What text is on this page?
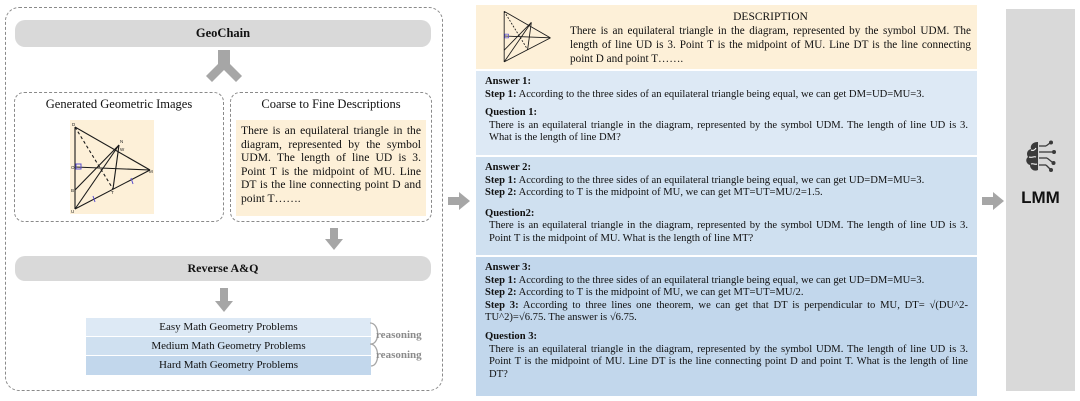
GeoChain
Generated Geometric Images
D
U
M
T
O
B
N
W
Coarse to Fine Descriptions
There is an equilateral triangle in the diagram, represented by the symbol UDM. The length of line UD is 3. Point T is the midpoint of MU. Line DT is the line connecting point D and point T…….
Reverse A&Q
Easy Math Geometry Problems
Medium Math Geometry Problems
Hard Math Geometry Problems
reasoning
reasoning
DESCRIPTION
There is an equilateral triangle in the diagram, represented by the symbol UDM. The length of line UD is 3. Point T is the midpoint of MU. Line DT is the line connecting point D and point T…….
Answer 1:
Step 1: According to the three sides of an equilateral triangle being equal, we can get DM=UD=MU=3.
Question 1:
There is an equilateral triangle in the diagram, represented by the symbol UDM. The length of line UD is 3. What is the length of line DM?
Answer 2:
Step 1: According to the three sides of an equilateral triangle being equal, we can get UD=DM=MU=3.
Step 2: According to T is the midpoint of MU, we can get MT=UT=MU/2=1.5.
Question2:
There is an equilateral triangle in the diagram, represented by the symbol UDM. The length of line UD is 3. Point T is the midpoint of MU. What is the length of line MT?
Answer 3:
Step 1: According to the three sides of an equilateral triangle being equal, we can get UD=DM=MU=3.
Step 2: According to T is the midpoint of MU, we can get MT=UT=MU/2.
Step 3: According to three lines one theorem, we can get that DT is perpendicular to MU, DT= √(DU^2-TU^2)=√6.75. The answer is √6.75.
Question 3:
There is an equilateral triangle in the diagram, represented by the symbol UDM. The length of line UD is 3. Point T is the midpoint of MU. Line DT is the line connecting point D and point T. What is the length of line DT?
LMM
